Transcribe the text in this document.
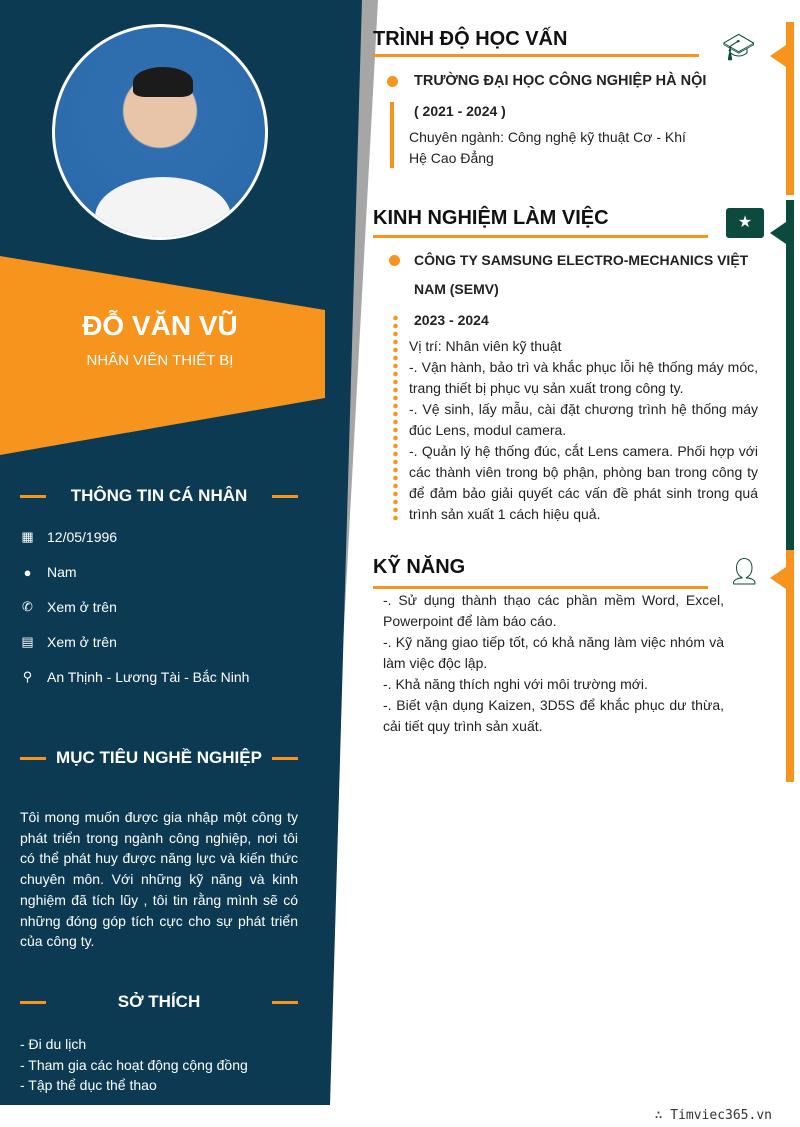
ĐỖ VĂN VŨ
NHÂN VIÊN THIẾT BỊ
THÔNG TIN CÁ NHÂN
▦ 12/05/1996
● Nam
✆ Xem ở trên
▤ Xem ở trên
⚲ An Thịnh - Lương Tài - Bắc Ninh
MỤC TIÊU NGHỀ NGHIỆP
Tôi mong muốn được gia nhập một công ty phát triển trong ngành công nghiệp, nơi tôi có thể phát huy được năng lực và kiến thức chuyên môn. Với những kỹ năng và kinh nghiệm đã tích lũy , tôi tin rằng mình sẽ có những đóng góp tích cực cho sự phát triển của công ty.
SỞ THÍCH
- Đi du lịch
- Tham gia các hoạt động cộng đồng
- Tập thể dục thể thao
TRÌNH ĐỘ HỌC VẤN	🎓︎
TRƯỜNG ĐẠI HỌC CÔNG NGHIỆP HÀ NỘI
( 2021 - 2024 )
Chuyên ngành: Công nghệ kỹ thuật Cơ - Khí
Hệ Cao Đẳng
KINH NGHIỆM LÀM VIỆC	★
CÔNG TY SAMSUNG ELECTRO-MECHANICS VIỆT
NAM (SEMV)
2023 - 2024
Vị trí: Nhân viên kỹ thuật
-. Vận hành, bảo trì và khắc phục lỗi hệ thống máy móc, trang thiết bị phục vụ sản xuất trong công ty.
-. Vệ sinh, lấy mẫu, cài đặt chương trình hệ thống máy đúc Lens, modul camera.
-. Quản lý hệ thống đúc, cắt Lens camera. Phối hợp với các thành viên trong bộ phận, phòng ban trong công ty để đảm bảo giải quyết các vấn đề phát sinh trong quá trình sản xuất 1 cách hiệu quả.
KỸ NĂNG	👤︎
-. Sử dụng thành thạo các phần mềm Word, Excel, Powerpoint để làm báo cáo.
-. Kỹ năng giao tiếp tốt, có khả năng làm việc nhóm và làm việc độc lập.
-. Khả năng thích nghi với môi trường mới.
-. Biết vận dụng Kaizen, 3D5S để khắc phục dư thừa, cải tiết quy trình sản xuất.
∴ Timviec365.vn
